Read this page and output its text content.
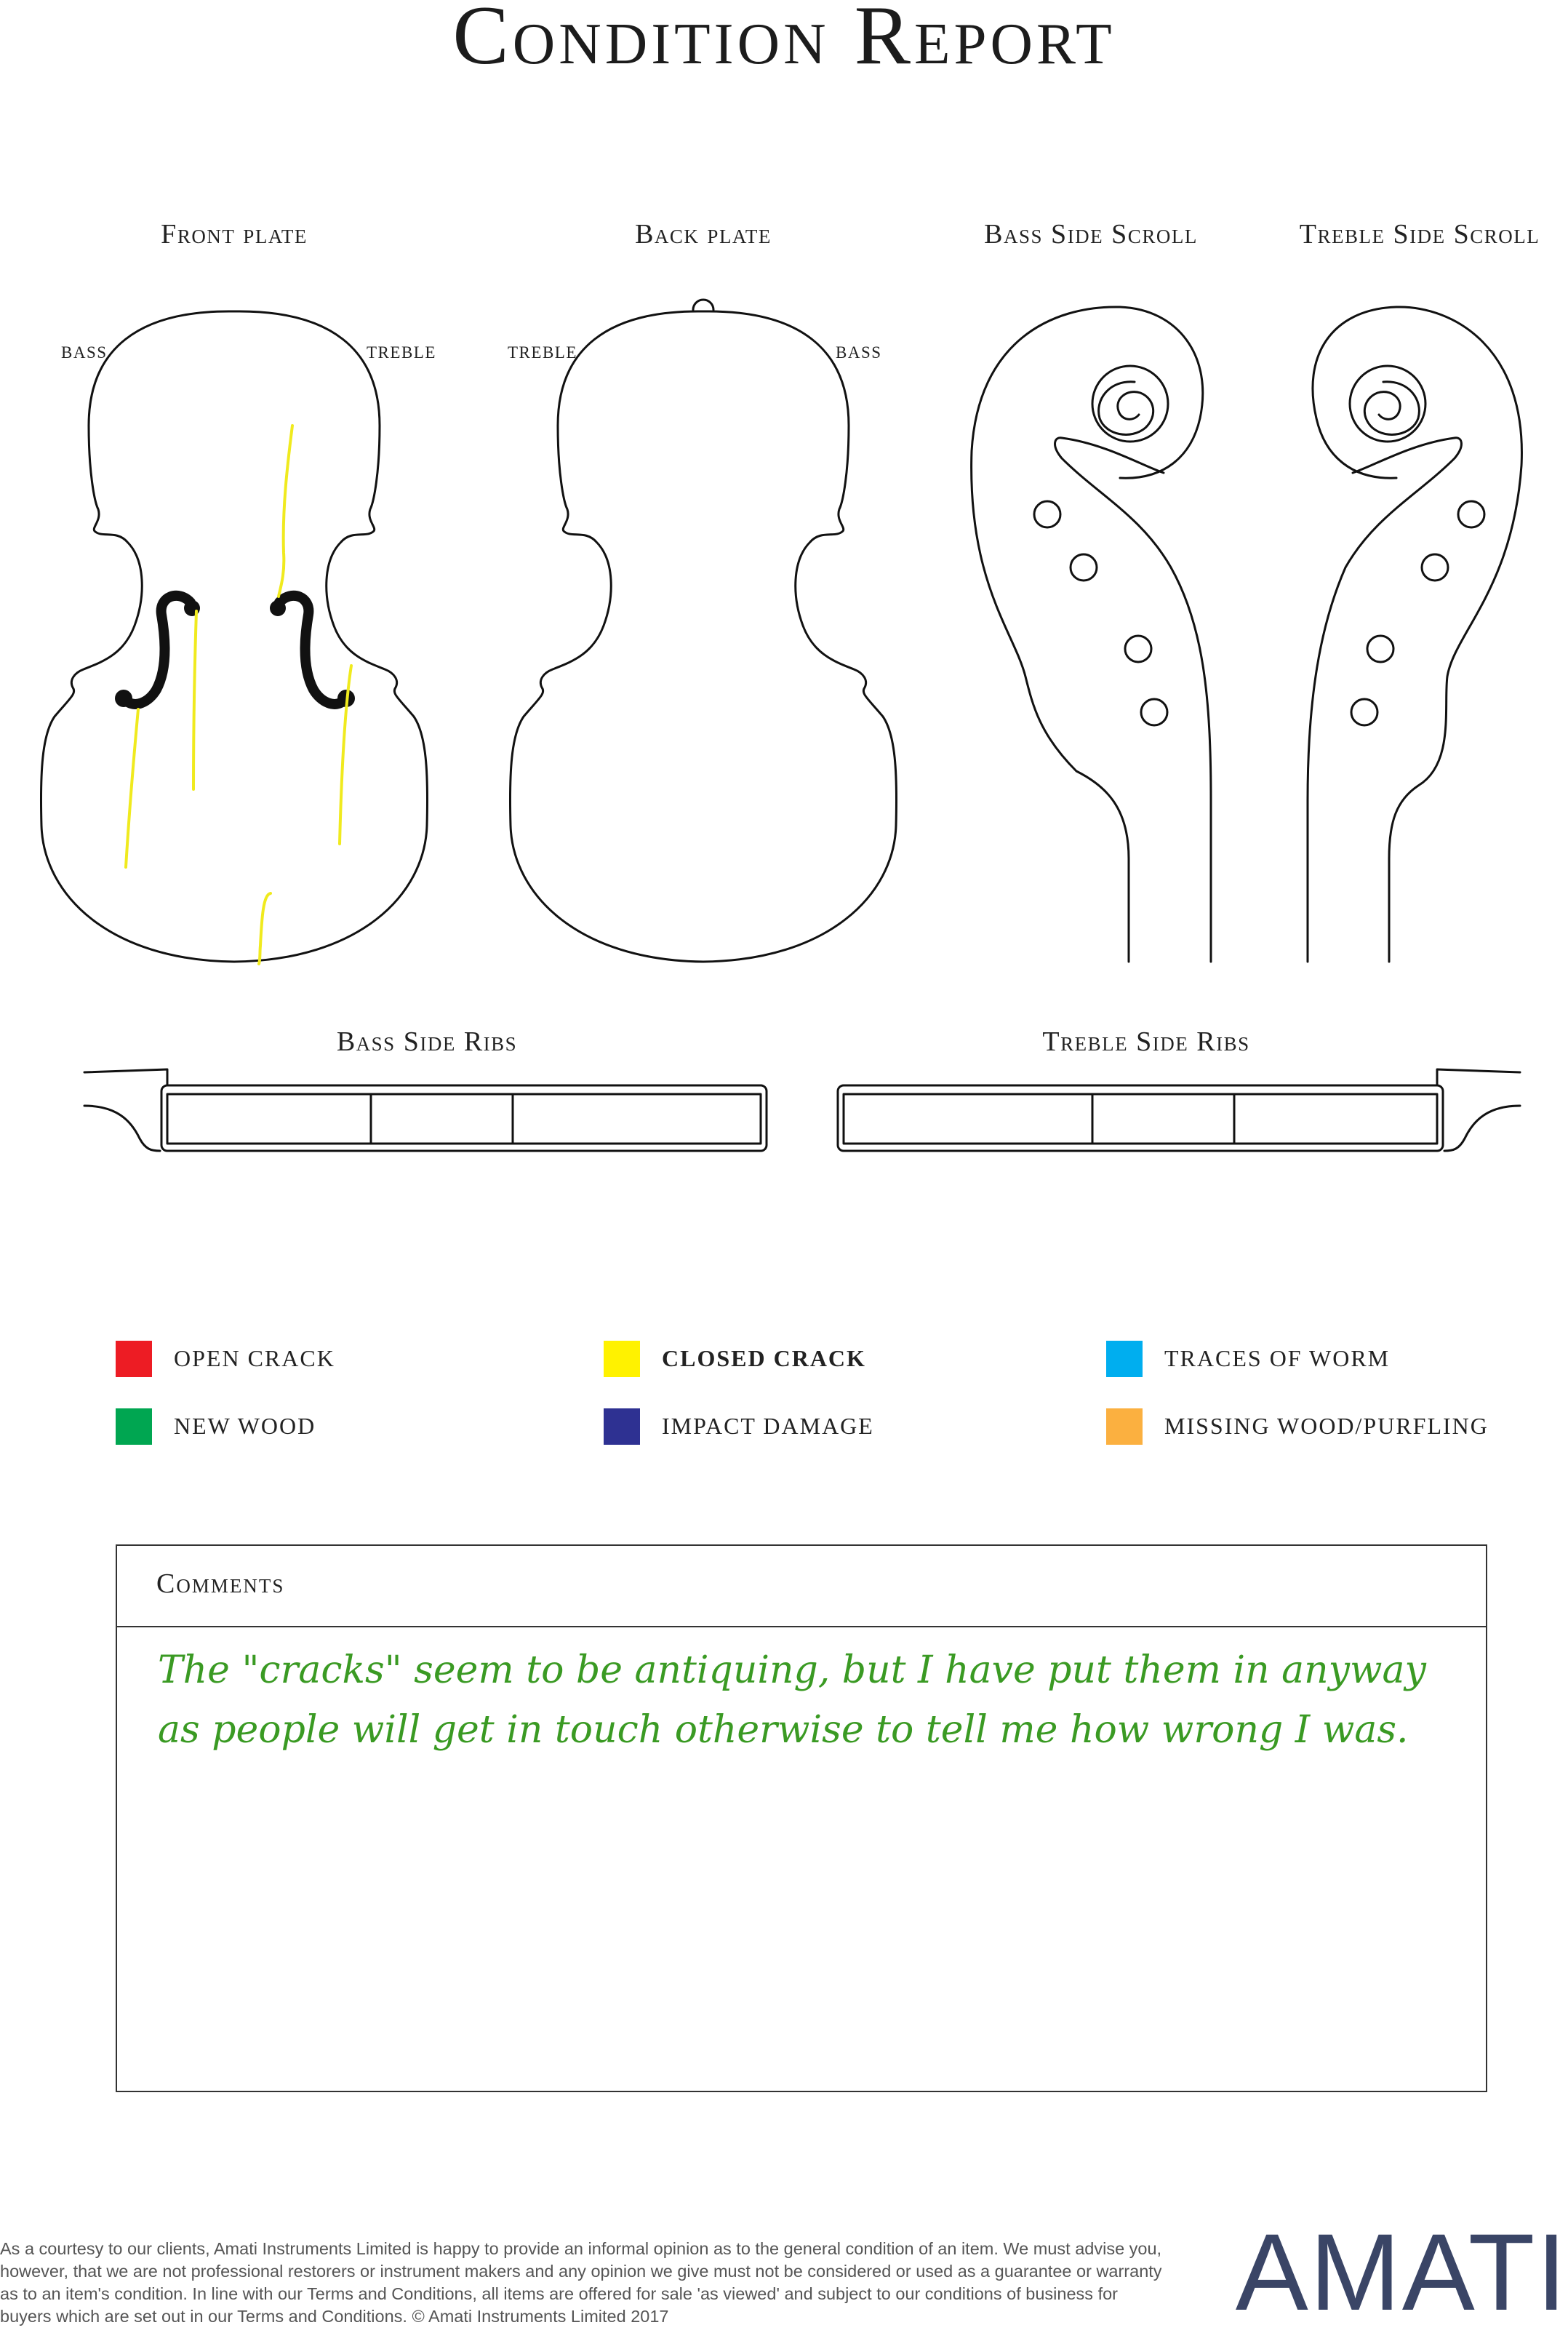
Condition Report
Front plate	Back plate	Bass Side Scroll	Treble Side Scroll
BASS	TREBLE	TREBLE	BASS
Bass Side Ribs	Treble Side Ribs
OPEN CRACK	CLOSED CRACK	TRACES OF WORM
NEW WOOD	IMPACT DAMAGE	MISSING WOOD/PURFLING
Comments
The "cracks" seem to be antiquing, but I have put them in anyway as people will get in touch otherwise to tell me how wrong I was.
As a courtesy to our clients, Amati Instruments Limited is happy to provide an informal opinion as to the general condition of an item. We must advise you, however, that we are not professional restorers or instrument makers and any opinion we give must not be considered or used as a guarantee or warranty as to an item's condition. In line with our Terms and Conditions, all items are offered for sale 'as viewed' and subject to our conditions of business for buyers which are set out in our Terms and Conditions. © Amati Instruments Limited 2017	AMATI
